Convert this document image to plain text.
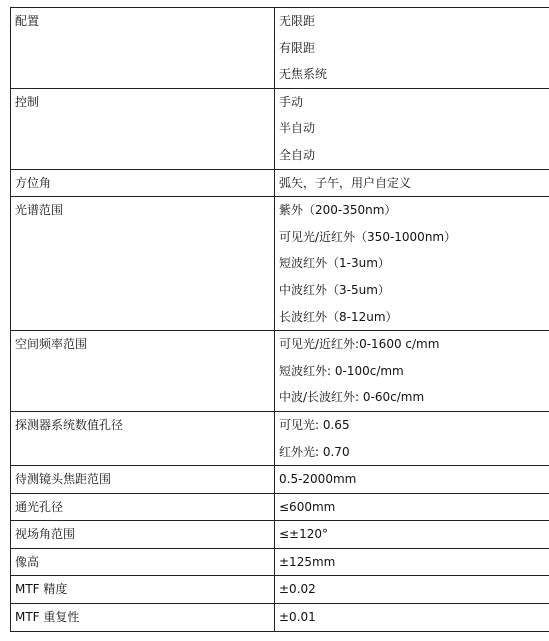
配置	无限距
有限距
无焦系统

控制	手动
半自动
全自动

方位角	弧矢，子午，用户自定义

光谱范围	紫外（200-350nm）
可见光/近红外（350-1000nm）
短波红外（1-3um）
中波红外（3-5um）
长波红外（8-12um）

空间频率范围	可见光/近红外:0-1600 c/mm
短波红外: 0-100c/mm
中波/长波红外: 0-60c/mm

探测器系统数值孔径	可见光: 0.65
红外光: 0.70

待测镜头焦距范围	0.5-2000mm

通光孔径	≤600mm

视场角范围	≤±120°

像高	±125mm

MTF 精度	±0.02

MTF 重复性	±0.01
